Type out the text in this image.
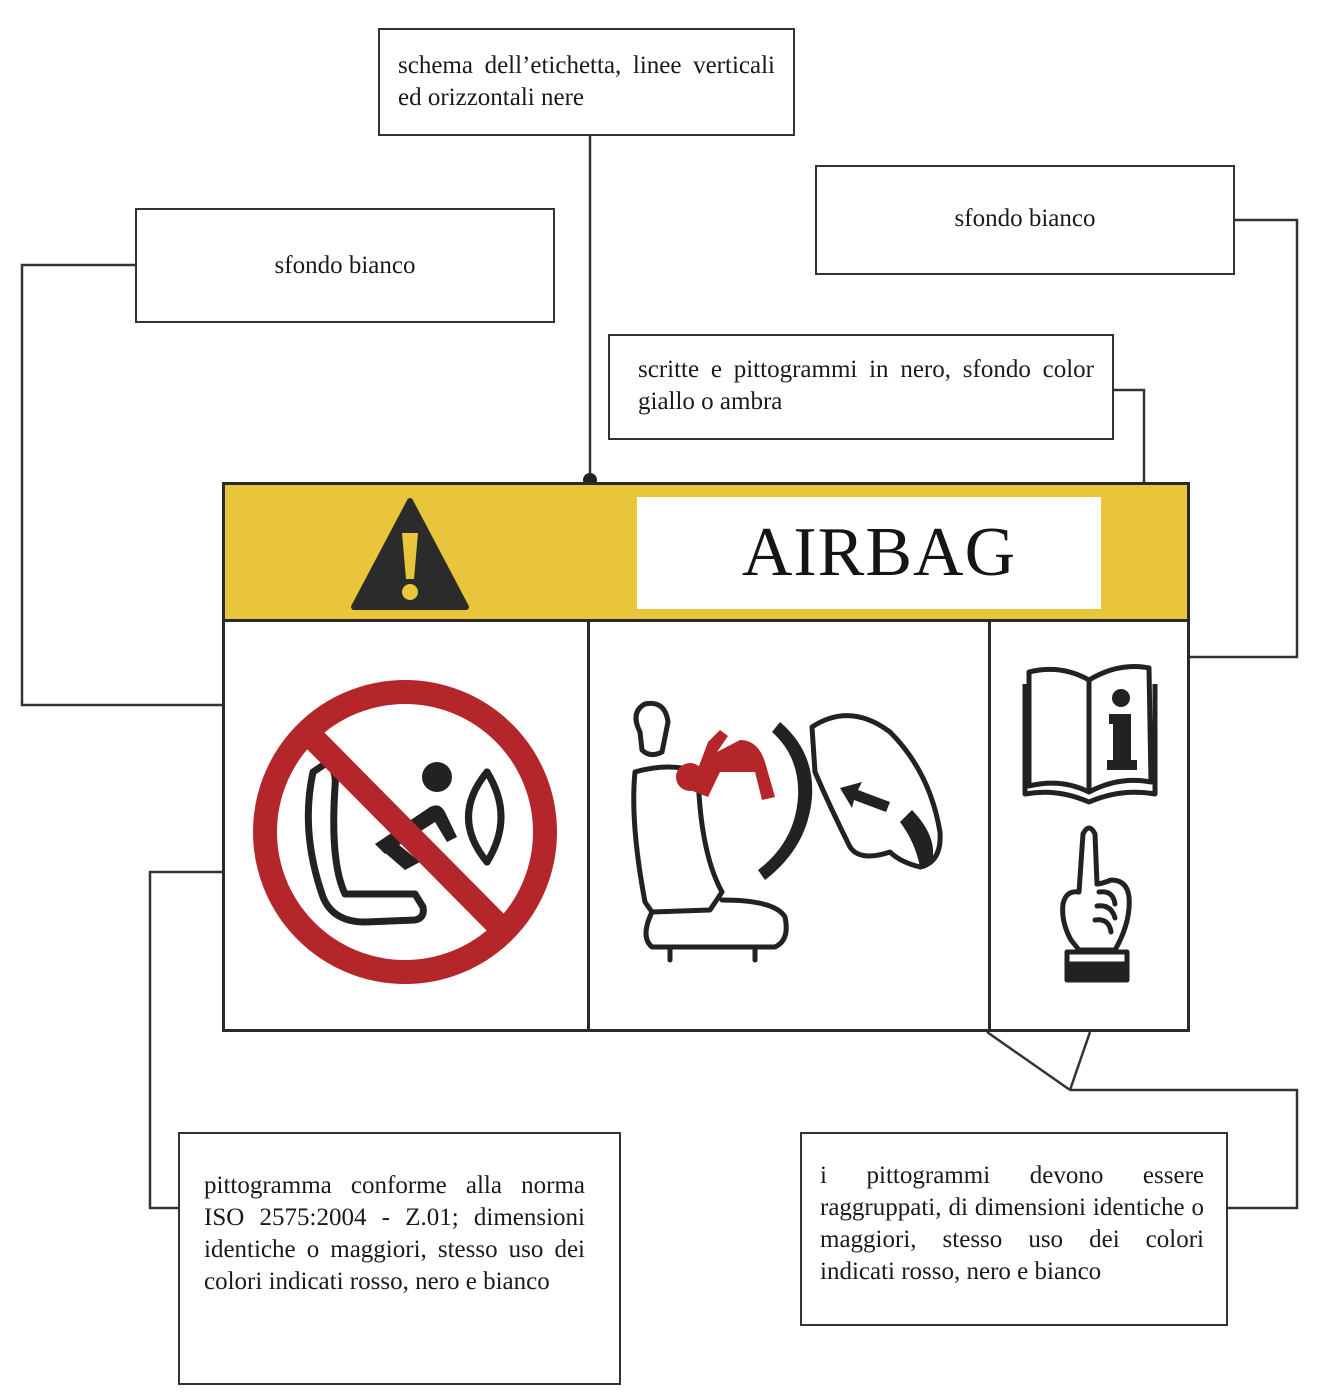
schema dell’etichetta, linee verticali ed orizzontali nere
sfondo bianco
sfondo bianco
scritte e pittogrammi in nero, sfondo color giallo o ambra
pittogramma conforme alla norma ISO 2575:2004 - Z.01; dimensioni identiche o maggiori, stesso uso dei colori indicati rosso, nero e bianco
i pittogrammi devono essere raggruppati, di dimensioni identiche o maggiori, stesso uso dei colori indicati rosso, nero e bianco
AIRBAG
